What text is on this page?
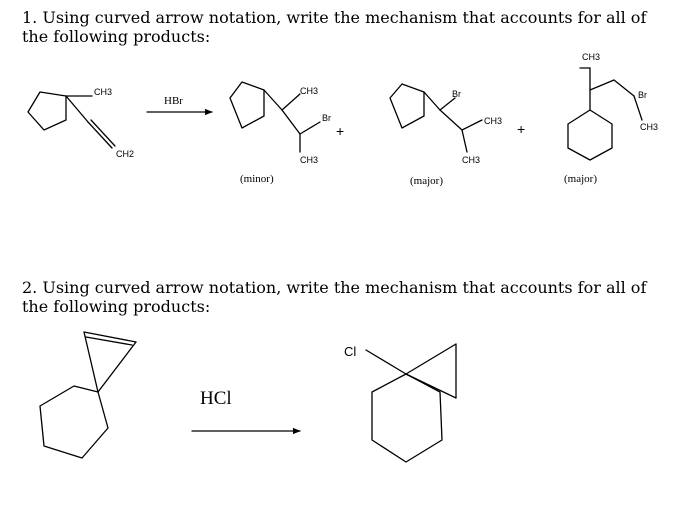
1. Using curved arrow notation, write the mechanism that accounts for all of the following products:
2. Using curved arrow notation, write the mechanism that accounts for all of the following products:
CH3
CH2
HBr
CH3
Br
CH3
+
Br
CH3
CH3
+
CH3
Br
CH3
(minor)	(major)	(major)
HCl
Cl
